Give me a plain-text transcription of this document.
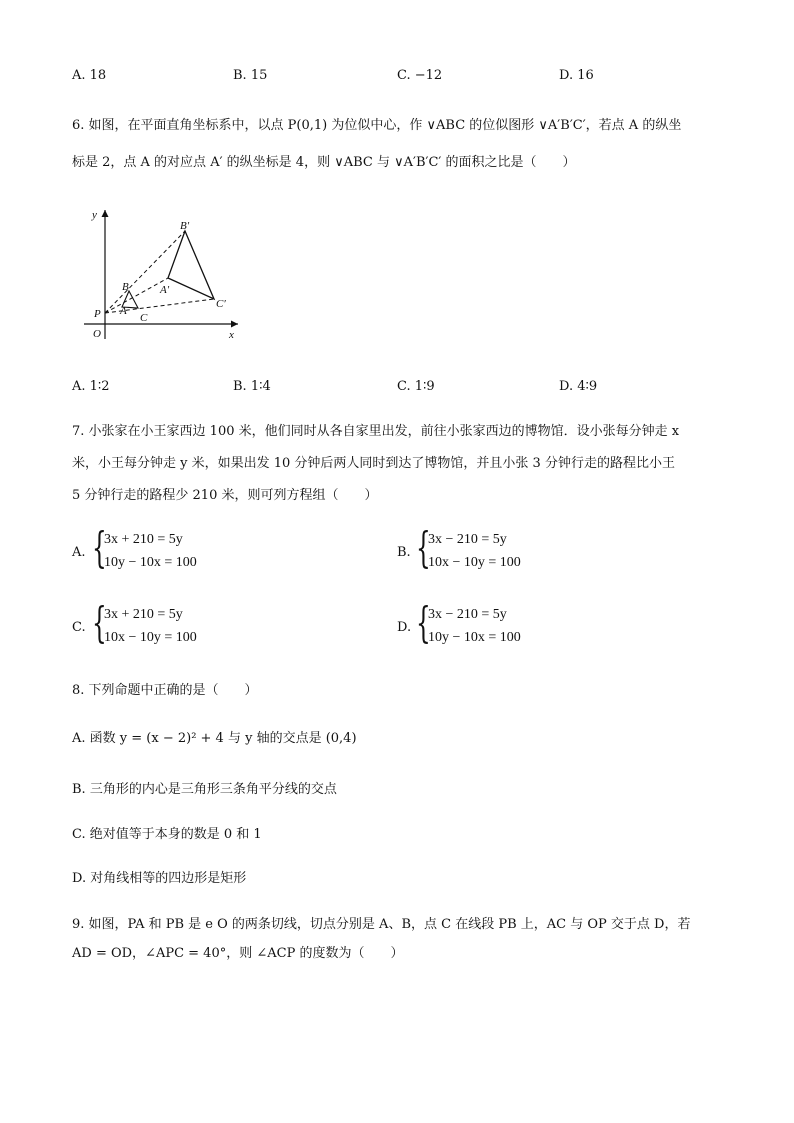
A. 18	B. 15	C. −12	D. 16
6. 如图，在平面直角坐标系中，以点 P(0,1) 为位似中心，作 ∨ABC 的位似图形 ∨A′B′C′，若点 A 的纵坐
标是 2，点 A 的对应点 A′ 的纵坐标是 4，则 ∨ABC 与 ∨A′B′C′ 的面积之比是（　　）
y
x
O
P
B
A
C
B′
A′
C′
A. 1∶2	B. 1∶4	C. 1∶9	D. 4∶9
7. 小张家在小王家西边 100 米，他们同时从各自家里出发，前往小张家西边的博物馆．设小张每分钟走 x
米，小王每分钟走 y 米，如果出发 10 分钟后两人同时到达了博物馆，并且小张 3 分钟行走的路程比小王
5 分钟行走的路程少 210 米，则可列方程组（　　）
A. {
3x + 210 = 5y
10y − 10x = 100
B. {
3x − 210 = 5y
10x − 10y = 100
C. {
3x + 210 = 5y
10x − 10y = 100
D. {
3x − 210 = 5y
10y − 10x = 100
8. 下列命题中正确的是（　　）
A. 函数 y = (x − 2)² + 4 与 y 轴的交点是 (0,4)
B. 三角形的内心是三角形三条角平分线的交点
C. 绝对值等于本身的数是 0 和 1
D. 对角线相等的四边形是矩形
9. 如图，PA 和 PB 是 e O 的两条切线，切点分别是 A、B，点 C 在线段 PB 上，AC 与 OP 交于点 D，若
AD = OD，∠APC = 40°，则 ∠ACP 的度数为（　　）
